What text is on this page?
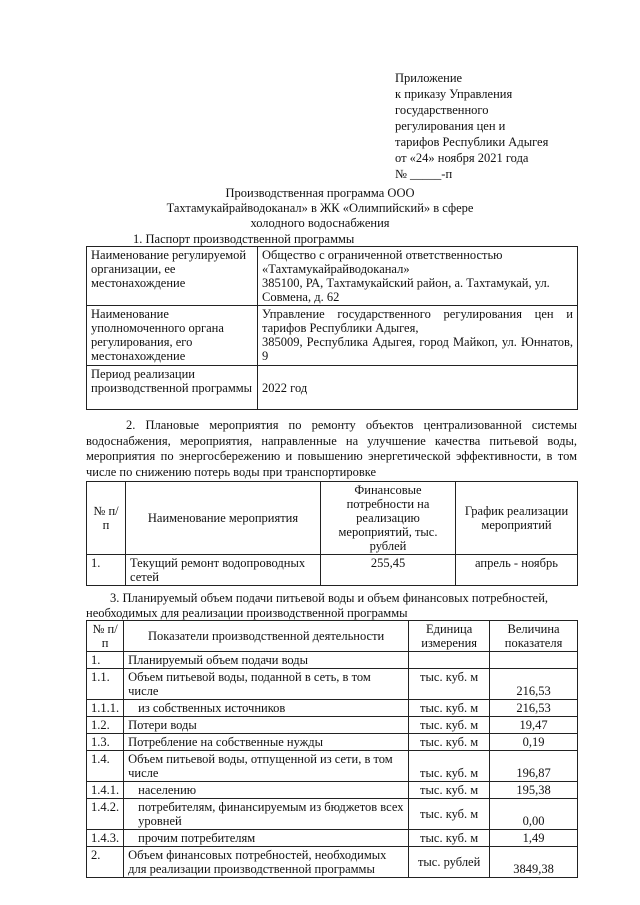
Приложение
к приказу Управления
государственного
регулирования цен и
тарифов Республики Адыгея
от «24» ноября 2021 года
№ _____-п
Производственная программа ООО
Тахтамукайрайводоканал» в ЖК «Олимпийский» в сфере
холодного водоснабжения
1. Паспорт производственной программы
Наименование регулируемой организации, ее местонахождение	Общество с ограниченной ответственностью «Тахтамукайрайводоканал»
385100, РА, Тахтамукайский район, а. Тахтамукай, ул. Совмена, д. 62

Наименование уполномоченного органа регулирования, его местонахождение	Управление государственного регулирования цен и тарифов Республики Адыгея,
385009, Республика Адыгея, город Майкоп, ул. Юннатов, 9

Период реализации производственной программы	2022 год
2. Плановые мероприятия по ремонту объектов централизованной системы водоснабжения, мероприятия, направленные на улучшение качества питьевой воды, мероприятия по энергосбережению и повышению энергетической эффективности, в том числе по снижению потерь воды при транспортировке
№ п/п	Наименование мероприятия	Финансовые потребности на реализацию мероприятий, тыс. рублей	График реализации мероприятий
1.	Текущий ремонт водопроводных сетей	255,45	апрель - ноябрь
3. Планируемый объем подачи питьевой воды и объем финансовых потребностей,
необходимых для реализации производственной программы
№ п/п	Показатели производственной деятельности	Единица измерения	Величина показателя
1.	Планируемый объем подачи воды		
1.1.	Объем питьевой воды, поданной в сеть, в том числе	тыс. куб. м	216,53
1.1.1.	из собственных источников	тыс. куб. м	216,53
1.2.	Потери воды	тыс. куб. м	19,47
1.3.	Потребление на собственные нужды	тыс. куб. м	0,19
1.4.	Объем питьевой воды, отпущенной из сети, в том числе	тыс. куб. м	196,87
1.4.1.	населению	тыс. куб. м	195,38
1.4.2.	потребителям, финансируемым из бюджетов всех уровней	тыс. куб. м	0,00
1.4.3.	прочим потребителям	тыс. куб. м	1,49
2.	Объем финансовых потребностей, необходимых для реализации производственной программы	тыс. рублей	3849,38
